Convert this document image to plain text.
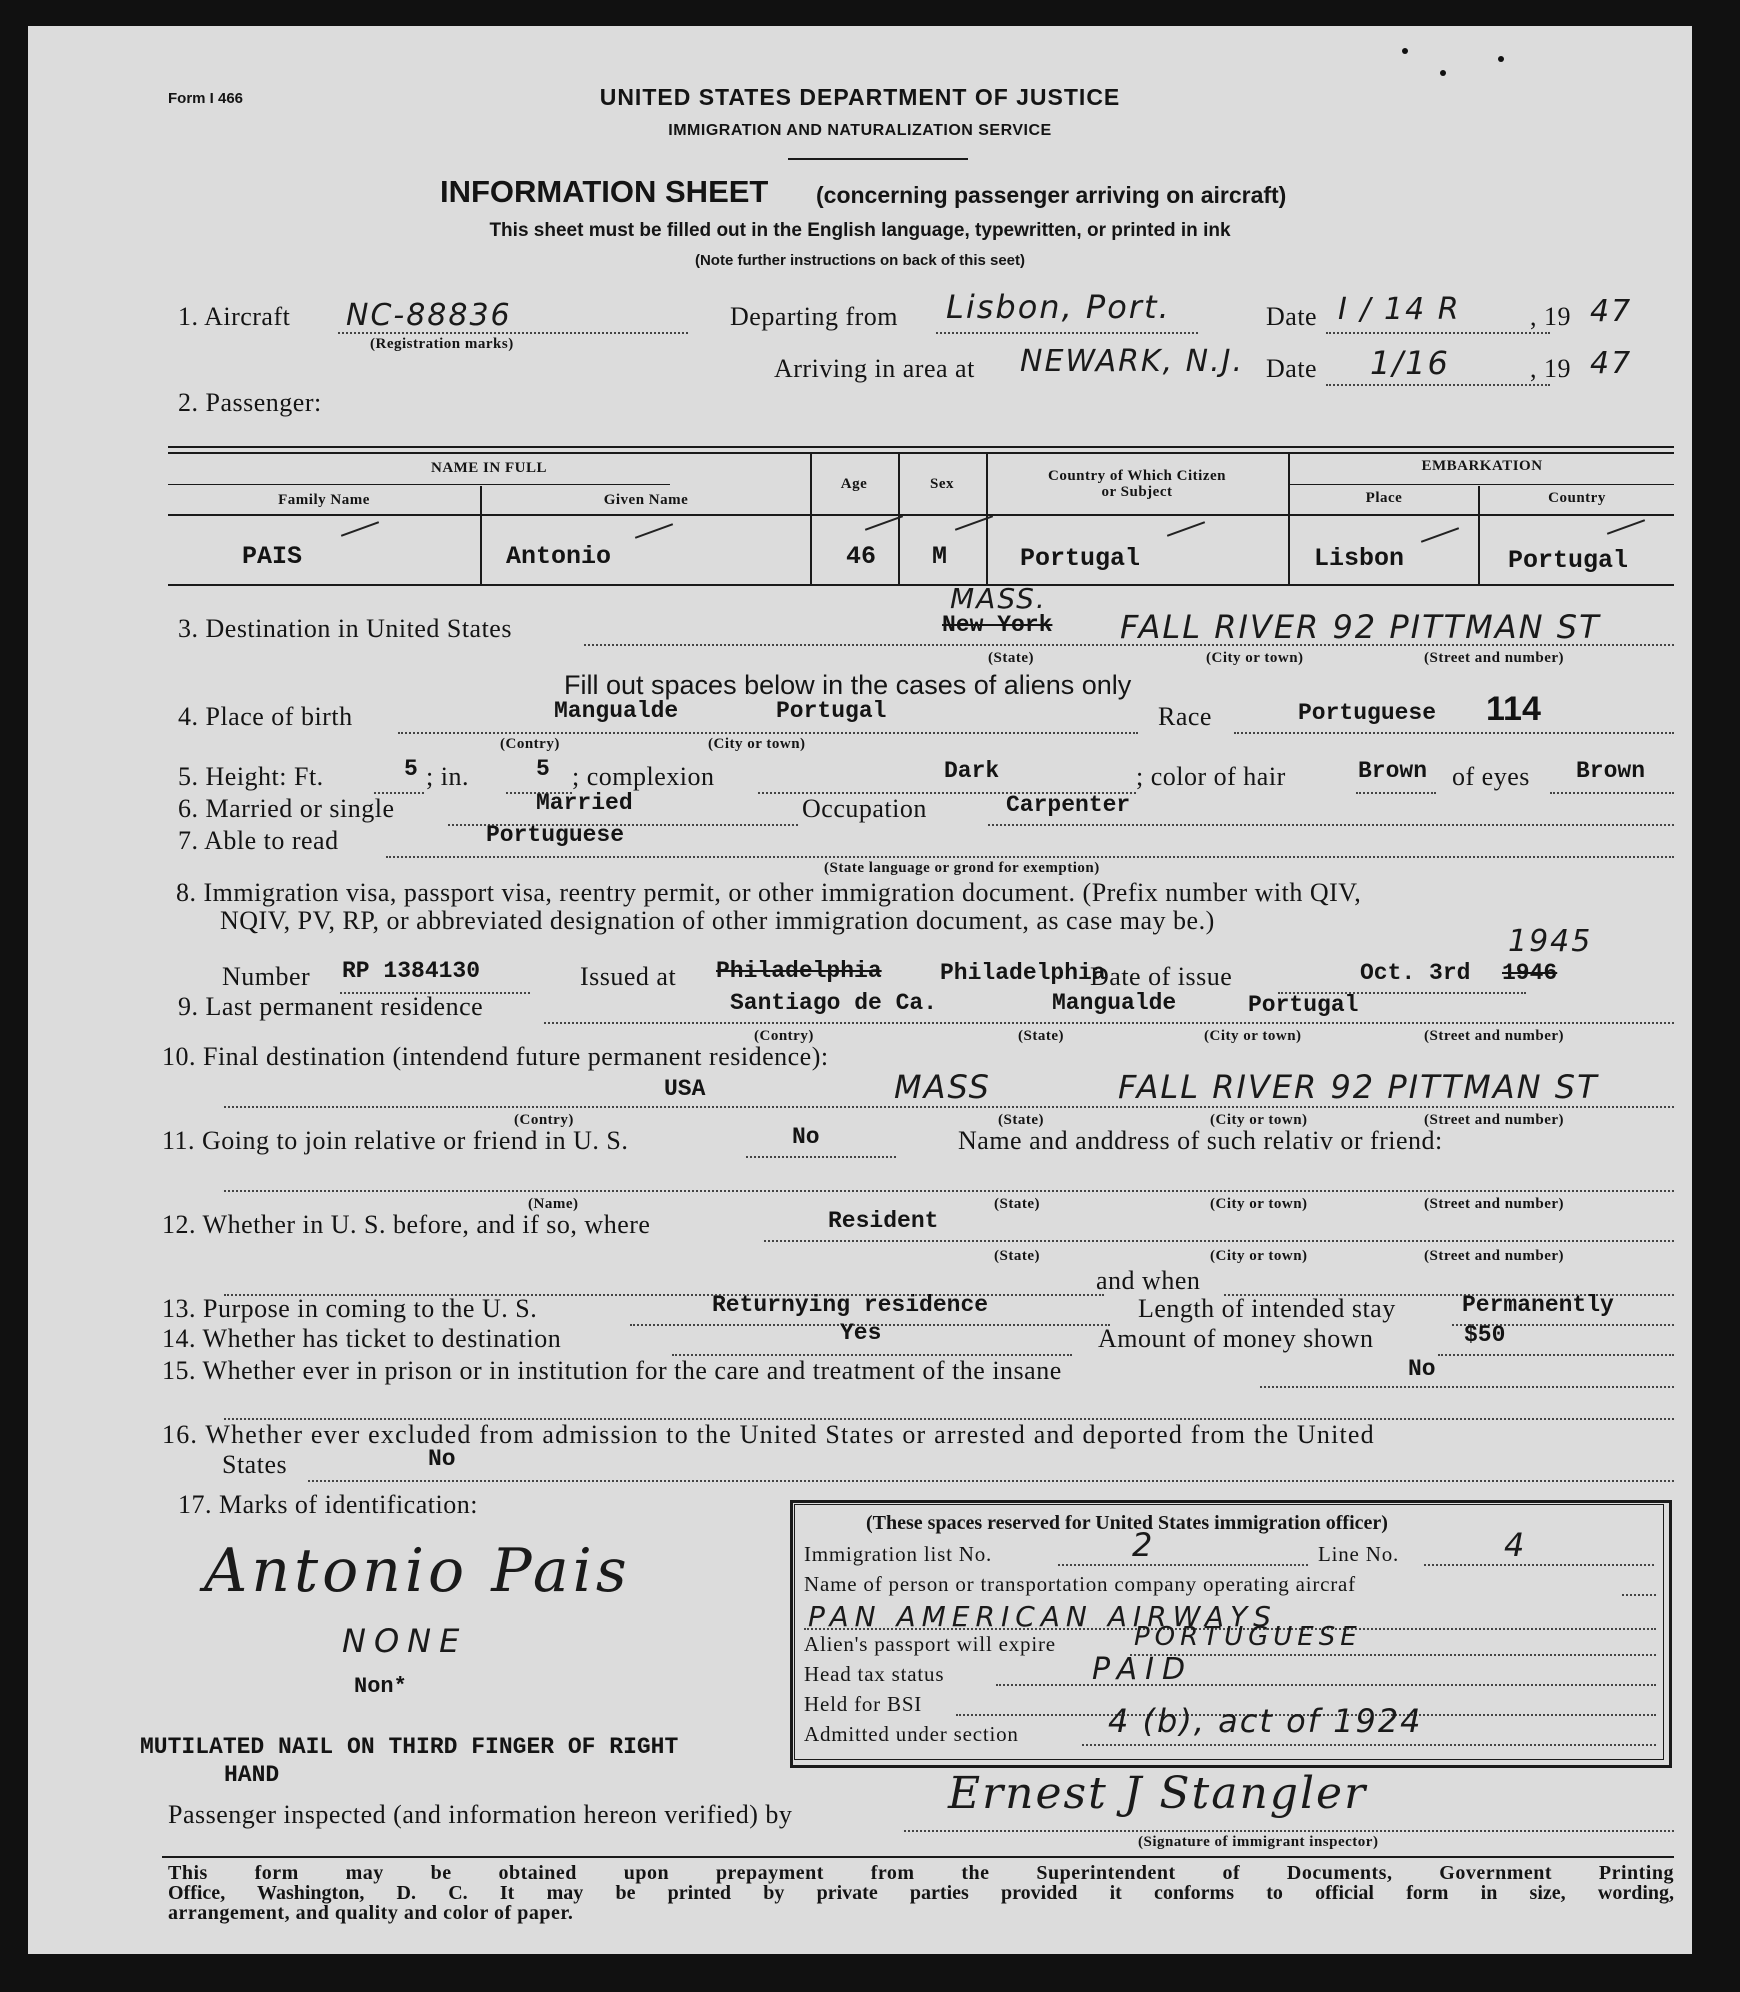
Form I 466	UNITED STATES DEPARTMENT OF JUSTICE
IMMIGRATION AND NATURALIZATION SERVICE
INFORMATION SHEET (concerning passenger arriving on aircraft)
This sheet must be filled out in the English language, typewritten, or printed in ink
(Note further instructions on back of this seet)
1. Aircraft NC-88836
(Registration marks)
Departing from Lisbon, Port.	Date I / 14 R	, 19 47
Arriving in area at NEWARK, N.J. Date 1/16	, 19 47
2. Passenger:
NAME IN FULL
Family Name	Given Name
Age	Sex	Country of Which Citizen
or Subject
EMBARKATION
Place	Country
PAIS	Antonio	46 M	Portugal	Lisbon	Portugal
3. Destination in United States
MASS.
New York FALL RIVER 92 PITTMAN ST
(State)	(City or town)	(Street and number)
Fill out spaces below in the cases of aliens only
4. Place of birth	Mangualde	Portugal
(Contry)	(City or town)
Race	Portuguese 114
5. Height: Ft.	5 ; in.	5 ; complexion	Dark	; color of hair	Brown of eyes Brown
6. Married or single	Married	Occupation	Carpenter
7. Able to read	Portuguese
(State language or grond for exemption)
8. Immigration visa, passport visa, reentry permit, or other immigration document. (Prefix number with QIV,
NQIV, PV, RP, or abbreviated designation of other immigration document, as case may be.)
Number RP 1384130	Issued at Philadelphia	Philadelphia
Date of issue	Oct. 3rd 1946
1945
9. Last permanent residence	Santiago de Ca.	Mangualde	Portugal
(Contry)	(State)	(City or town)	(Street and number)
10. Final destination (intendend future permanent residence):
USA	MASS	FALL RIVER 92 PITTMAN ST
(Contry)	(State)	(City or town)	(Street and number)
11. Going to join relative or friend in U. S.	No	Name and anddress of such relativ or friend:
(Name)	(State)	(City or town)	(Street and number)
12. Whether in U. S. before, and if so, where	Resident
(State)	(City or town)	(Street and number)
and when
13. Purpose in coming to the U. S.	Returnying residence	Length of intended stay	Permanently
14. Whether has ticket to destination	Yes	Amount of money shown	$50
15. Whether ever in prison or in institution for the care and treatment of the insane	No
16. Whether ever excluded from admission to the United States or arrested and deported from the United
States	No
17. Marks of identification:
Antonio Pais
NONE
Non*
MUTILATED NAIL ON THIRD FINGER OF RIGHT
HAND
(These spaces reserved for United States immigration officer)
Immigration list No.	2	Line No.	4
Name of person or transportation company operating aircraf
PAN AMERICAN AIRWAYS
Alien's passport will expire	PORTUGUESE
Head tax status	PAID
Held for BSI
Admitted under section	4 (b), act of 1924
Passenger inspected (and information hereon verified) by	Ernest J Stangler
(Signature of immigrant inspector)
This form may be obtained upon prepayment from the Superintendent of Documents, Government Printing
Office, Washington, D. C. It may be printed by private parties provided it conforms to official form in size, wording,
arrangement, and quality and color of paper.
